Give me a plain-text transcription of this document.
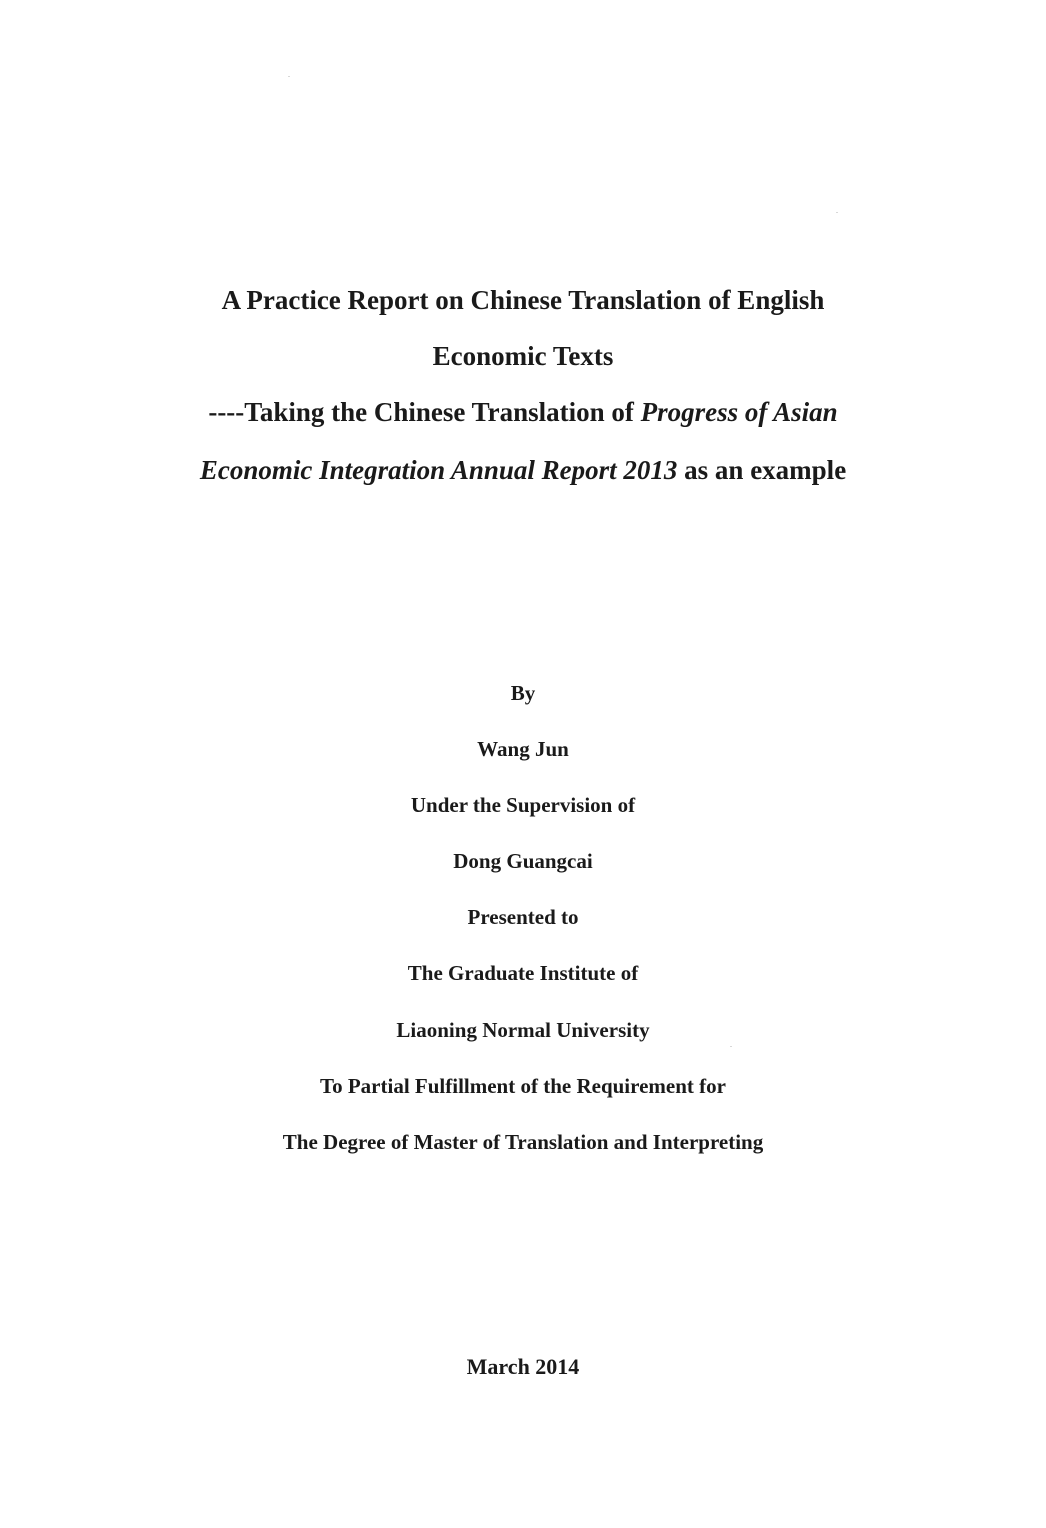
A Practice Report on Chinese Translation of English
Economic Texts
----Taking the Chinese Translation of Progress of Asian
Economic Integration Annual Report 2013 as an example
By
Wang Jun
Under the Supervision of
Dong Guangcai
Presented to
The Graduate Institute of
Liaoning Normal University
To Partial Fulfillment of the Requirement for
The Degree of Master of Translation and Interpreting
March 2014
